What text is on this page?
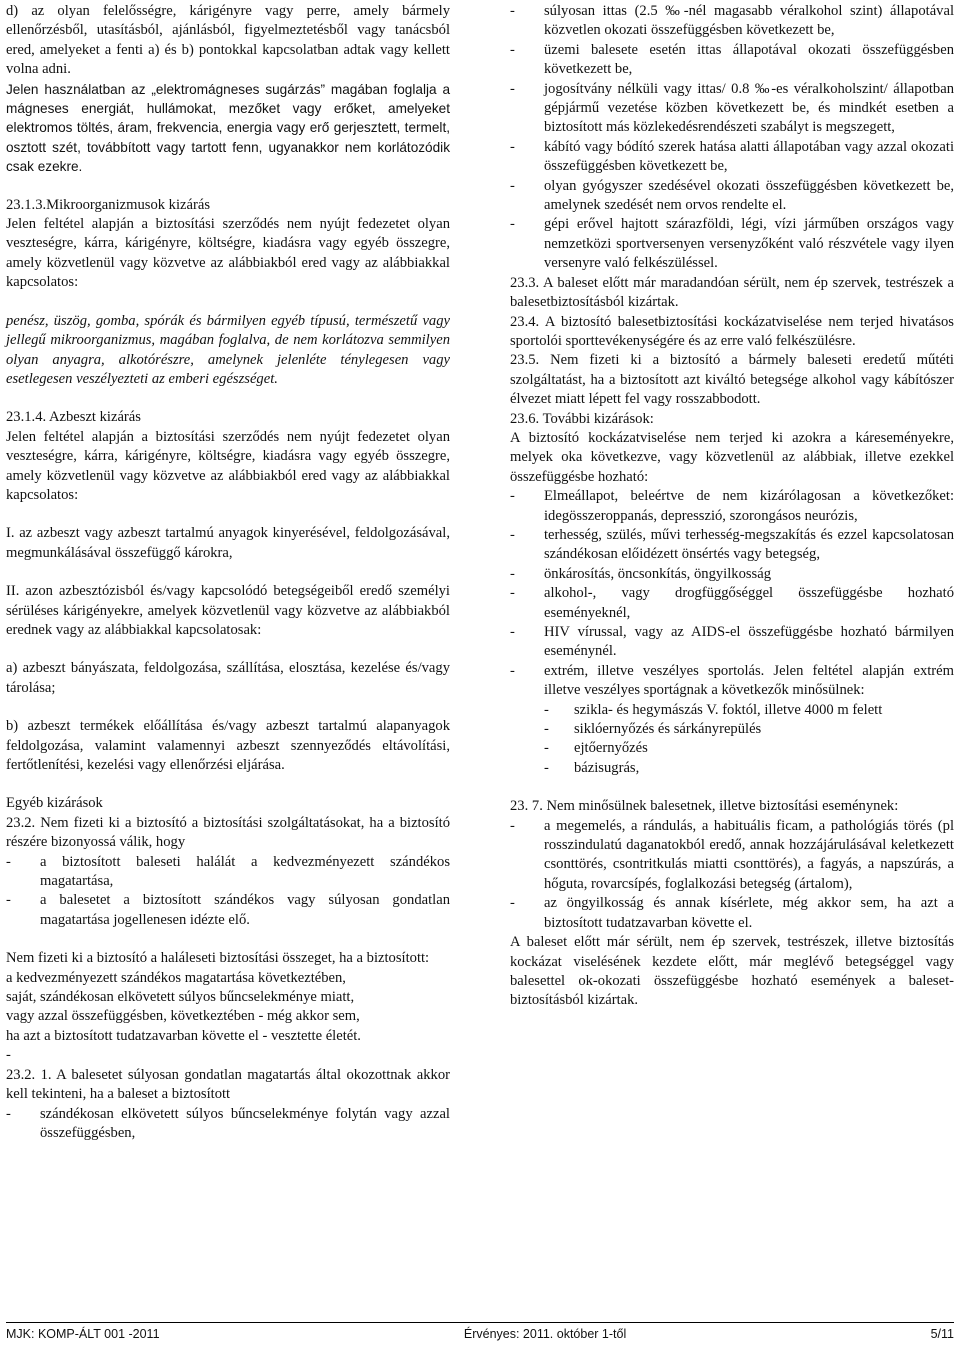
d) az olyan felelősségre, kárigényre vagy perre, amely bármely ellenőrzésből, utasításból, ajánlásból, figyelmeztetésből vagy tanácsból ered, amelyeket a fenti a) és b) pontokkal kapcsolatban adtak vagy kellett volna adni.

Jelen használatban az „elektromágneses sugárzás” magában foglalja a mágneses energiát, hullámokat, mezőket vagy erőket, amelyeket elektromos töltés, áram, frekvencia, energia vagy erő gerjesztett, termelt, osztott szét, továbbított vagy tartott fenn, ugyanakkor nem korlátozódik csak ezekre.

23.1.3.Mikroorganizmusok kizárás

Jelen feltétel alapján a biztosítási szerződés nem nyújt fedezetet olyan veszteségre, kárra, kárigényre, költségre, kiadásra vagy egyéb összegre, amely közvetlenül vagy közvetve az alábbiakból ered vagy az alábbiakkal kapcsolatos:

penész, üszög, gomba, spórák és bármilyen egyéb típusú, természetű vagy jellegű mikroorganizmus, magában foglalva, de nem korlátozva semmilyen olyan anyagra, alkotórészre, amelynek jelenléte ténylegesen vagy esetlegesen veszélyezteti az emberi egészséget.

23.1.4. Azbeszt kizárás

Jelen feltétel alapján a biztosítási szerződés nem nyújt fedezetet olyan veszteségre, kárra, kárigényre, költségre, kiadásra vagy egyéb összegre, amely közvetlenül vagy közvetve az alábbiakból ered vagy az alábbiakkal kapcsolatos:

I. az azbeszt vagy azbeszt tartalmú anyagok kinyerésével, feldolgozásával, megmunkálásával összefüggő károkra,

II. azon azbesztózisból és/vagy kapcsolódó betegségeiből eredő személyi sérüléses kárigényekre, amelyek közvetlenül vagy közvetve az alábbiakból erednek vagy az alábbiakkal kapcsolatosak:

a) azbeszt bányászata, feldolgozása, szállítása, elosztása, kezelése és/vagy tárolása;

b) azbeszt termékek előállítása és/vagy azbeszt tartalmú alapanyagok feldolgozása, valamint valamennyi azbeszt szennyeződés eltávolítási, fertőtlenítési, kezelési vagy ellenőrzési eljárása.

Egyéb kizárások

23.2. Nem fizeti ki a biztosító a biztosítási szolgáltatásokat, ha a biztosító részére bizonyossá válik, hogy

-	a biztosított baleseti halálát a kedvezményezett szándékos magatartása,
-	a balesetet a biztosított szándékos vagy súlyosan gondatlan magatartása jogellenesen idézte elő.

Nem fizeti ki a biztosító a haláleseti biztosítási összeget, ha a biztosított:

a kedvezményezett szándékos magatartása következtében,

saját, szándékosan elkövetett súlyos bűncselekménye miatt,

vagy azzal összefüggésben, következtében - még akkor sem,

ha azt a biztosított tudatzavarban követte el - vesztette életét.

-

23.2. 1. A balesetet súlyosan gondatlan magatartás által okozottnak akkor kell tekinteni, ha a baleset a biztosított

-	szándékosan elkövetett súlyos bűncselekménye folytán vagy azzal összefüggésben,
-	súlyosan ittas (2.5 ‰-nél magasabb véralkohol szint) állapotával közvetlen okozati összefüggésben következett be,
-	üzemi balesete esetén ittas állapotával okozati összefüggésben következett be,
-	jogosítvány nélküli vagy ittas/ 0.8 ‰-es véralkoholszint/ állapotban gépjármű vezetése közben következett be, és mindkét esetben a biztosított más közlekedésrendészeti szabályt is megszegett,
-	kábító vagy bódító szerek hatása alatti állapotában vagy azzal okozati összefüggésben következett be,
-	olyan gyógyszer szedésével okozati összefüggésben következett be, amelynek szedését nem orvos rendelte el.
-	gépi erővel hajtott szárazföldi, légi, vízi járműben országos vagy nemzetközi sportversenyen versenyzőként való részvétele vagy ilyen versenyre való felkészüléssel.

23.3. A baleset előtt már maradandóan sérült, nem ép szervek, testrészek a balesetbiztosításból kizártak.

23.4. A biztosító balesetbiztosítási kockázatviselése nem terjed hivatásos sportolói sporttevékenységére és az erre való felkészülésre.

23.5. Nem fizeti ki a biztosító a bármely baleseti eredetű műtéti szolgáltatást, ha a biztosított azt kiváltó betegsége alkohol vagy kábítószer élvezet miatt lépett fel vagy rosszabbodott.

23.6. További kizárások:

A biztosító kockázatviselése nem terjed ki azokra a káreseményekre, melyek oka következve, vagy közvetlenül az alábbiak, illetve ezekkel összefüggésbe hozható:

-	Elmeállapot, beleértve de nem kizárólagosan a következőket: idegösszeroppanás, depresszió, szorongásos neurózis,
-	terhesség, szülés, művi terhesség-megszakítás és ezzel kapcsolatosan szándékosan előidézett önsértés vagy betegség,
-	önkárosítás, öncsonkítás, öngyilkosság
-	alkohol-, vagy drogfüggőséggel összefüggésbe hozható eseményeknél,
-	HIV vírussal, vagy az AIDS-el összefüggésbe hozható bármilyen eseménynél.
-	extrém, illetve veszélyes sportolás. Jelen feltétel alapján extrém illetve veszélyes sportágnak a következők minősülnek:
-	szikla- és hegymászás V. foktól, illetve 4000 m felett
-	siklóernyőzés és sárkányrepülés
-	ejtőernyőzés
-	bázisugrás,

23. 7. Nem minősülnek balesetnek, illetve biztosítási eseménynek:

-	a megemelés, a rándulás, a habituális ficam, a pathológiás törés (pl rosszindulatú daganatokból eredő, annak hozzájárulásával keletkezett csonttörés, csontritkulás miatti csonttörés), a fagyás, a napszúrás, a hőguta, rovarcsípés, foglalkozási betegség (ártalom),
-	az öngyilkosság és annak kísérlete, még akkor sem, ha azt a biztosított tudatzavarban követte el.

A baleset előtt már sérült, nem ép szervek, testrészek, illetve biztosítás kockázat viselésének kezdete előtt, már meglévő betegséggel vagy balesettel ok-okozati összefüggésbe hozható események a baleset-biztosításból kizártak.

MJK: KOMP-ÁLT 001 -2011	Érvényes: 2011. október 1-től	5/11
